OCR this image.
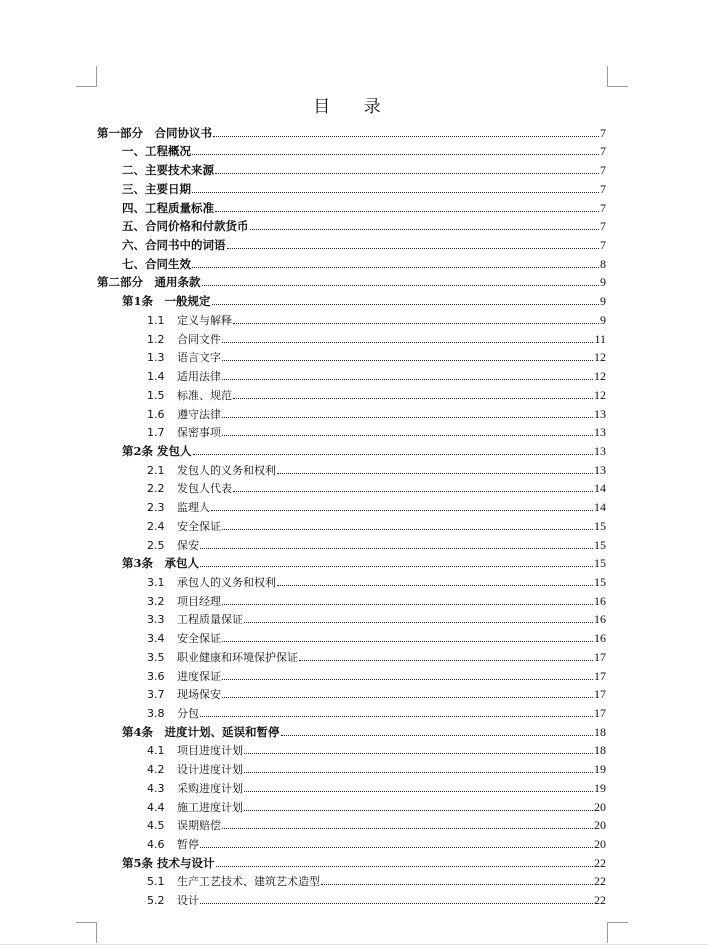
目 录
第一部分　合同协议书	7
一、工程概况	7
二、主要技术来源	7
三、主要日期	7
四、工程质量标准	7
五、合同价格和付款货币	7
六、合同书中的词语	7
七、合同生效	8
第二部分　通用条款	9
第1条　一般规定	9
1.1 定义与解释	9
1.2 合同文件	11
1.3 语言文字	12
1.4 适用法律	12
1.5 标准、规范	12
1.6 遵守法律	13
1.7 保密事项	13
第2条 发包人	13
2.1 发包人的义务和权利	13
2.2 发包人代表	14
2.3 监理人	14
2.4 安全保证	15
2.5 保安	15
第3条　承包人	15
3.1 承包人的义务和权利	15
3.2 项目经理	16
3.3 工程质量保证	16
3.4 安全保证	16
3.5 职业健康和环境保护保证	17
3.6 进度保证	17
3.7 现场保安	17
3.8 分包	17
第4条　进度计划、延误和暂停	18
4.1 项目进度计划	18
4.2 设计进度计划	19
4.3 采购进度计划	19
4.4 施工进度计划	20
4.5 误期赔偿	20
4.6 暂停	20
第5条 技术与设计	22
5.1 生产工艺技术、建筑艺术造型	22
5.2 设计	22
